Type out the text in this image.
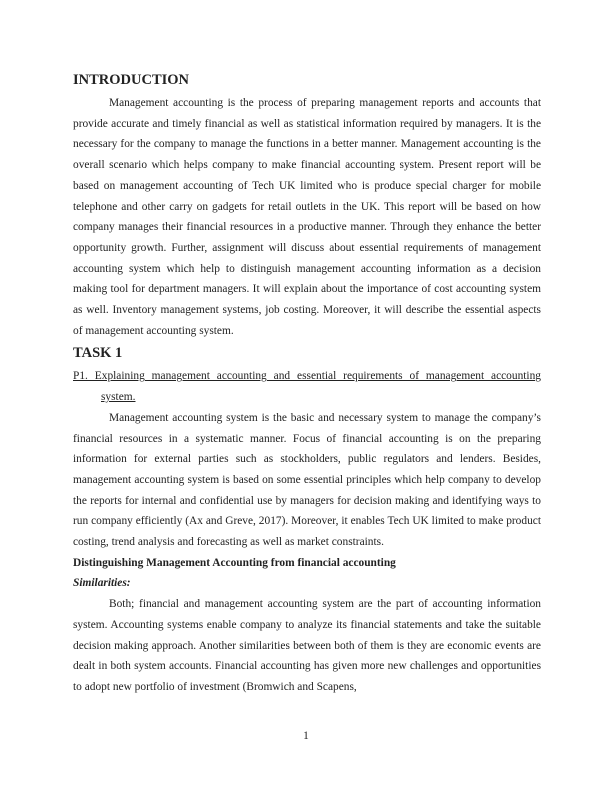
INTRODUCTION

Management accounting is the process of preparing management reports and accounts that provide accurate and timely financial as well as statistical information required by managers. It is the necessary for the company to manage the functions in a better manner. Management accounting is the overall scenario which helps company to make financial accounting system. Present report will be based on management accounting of Tech UK limited who is produce special charger for mobile telephone and other carry on gadgets for retail outlets in the UK. This report will be based on how company manages their financial resources in a productive manner. Through they enhance the better opportunity growth. Further, assignment will discuss about essential requirements of management accounting system which help to distinguish management accounting information as a decision making tool for department managers. It will explain about the importance of cost accounting system as well. Inventory management systems, job costing. Moreover, it will describe the essential aspects of management accounting system.

TASK 1

P1. Explaining management accounting and essential requirements of management accounting system.

Management accounting system is the basic and necessary system to manage the company’s financial resources in a systematic manner. Focus of financial accounting is on the preparing information for external parties such as stockholders, public regulators and lenders. Besides, management accounting system is based on some essential principles which help company to develop the reports for internal and confidential use by managers for decision making and identifying ways to run company efficiently (Ax and Greve, 2017). Moreover, it enables Tech UK limited to make product costing, trend analysis and forecasting as well as market constraints.

Distinguishing Management Accounting from financial accounting

Similarities:

Both; financial and management accounting system are the part of accounting information system. Accounting systems enable company to analyze its financial statements and take the suitable decision making approach. Another similarities between both of them is they are economic events are dealt in both system accounts. Financial accounting has given more new challenges and opportunities to adopt new portfolio of investment (Bromwich and Scapens,

1
